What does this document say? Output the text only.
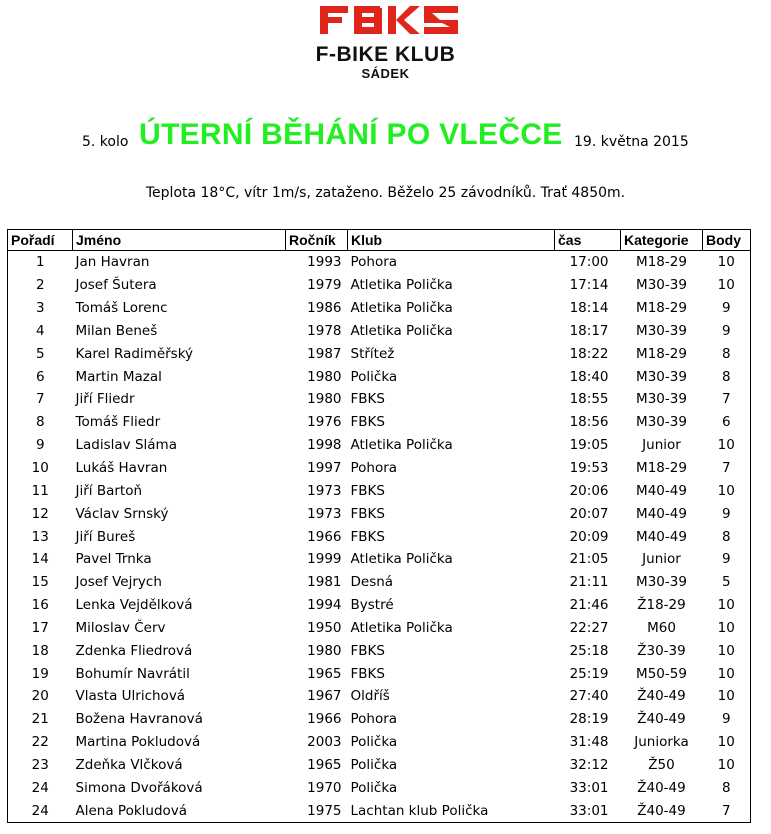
F-BIKE KLUB
SÁDEK
5. kolo ÚTERNÍ BĚHÁNÍ PO VLEČCE 19. května 2015
Teplota 18°C, vítr 1m/s, zataženo. Běželo 25 závodníků. Trať 4850m.
Pořadí	Jméno	Ročník	Klub	čas	Kategorie	Body
1	Jan Havran	1993	Pohora	17:00	M18-29	10
2	Josef Šutera	1979	Atletika Polička	17:14	M30-39	10
3	Tomáš Lorenc	1986	Atletika Polička	18:14	M18-29	9
4	Milan Beneš	1978	Atletika Polička	18:17	M30-39	9
5	Karel Radiměřský	1987	Střítež	18:22	M18-29	8
6	Martin Mazal	1980	Polička	18:40	M30-39	8
7	Jiří Fliedr	1980	FBKS	18:55	M30-39	7
8	Tomáš Fliedr	1976	FBKS	18:56	M30-39	6
9	Ladislav Sláma	1998	Atletika Polička	19:05	Junior	10
10	Lukáš Havran	1997	Pohora	19:53	M18-29	7
11	Jiří Bartoň	1973	FBKS	20:06	M40-49	10
12	Václav Srnský	1973	FBKS	20:07	M40-49	9
13	Jiří Bureš	1966	FBKS	20:09	M40-49	8
14	Pavel Trnka	1999	Atletika Polička	21:05	Junior	9
15	Josef Vejrych	1981	Desná	21:11	M30-39	5
16	Lenka Vejdělková	1994	Bystré	21:46	Ž18-29	10
17	Miloslav Červ	1950	Atletika Polička	22:27	M60	10
18	Zdenka Fliedrová	1980	FBKS	25:18	Ž30-39	10
19	Bohumír Navrátil	1965	FBKS	25:19	M50-59	10
20	Vlasta Ulrichová	1967	Oldříš	27:40	Ž40-49	10
21	Božena Havranová	1966	Pohora	28:19	Ž40-49	9
22	Martina Pokludová	2003	Polička	31:48	Juniorka	10
23	Zdeňka Vlčková	1965	Polička	32:12	Ž50	10
24	Simona Dvořáková	1970	Polička	33:01	Ž40-49	8
24	Alena Pokludová	1975	Lachtan klub Polička	33:01	Ž40-49	7
